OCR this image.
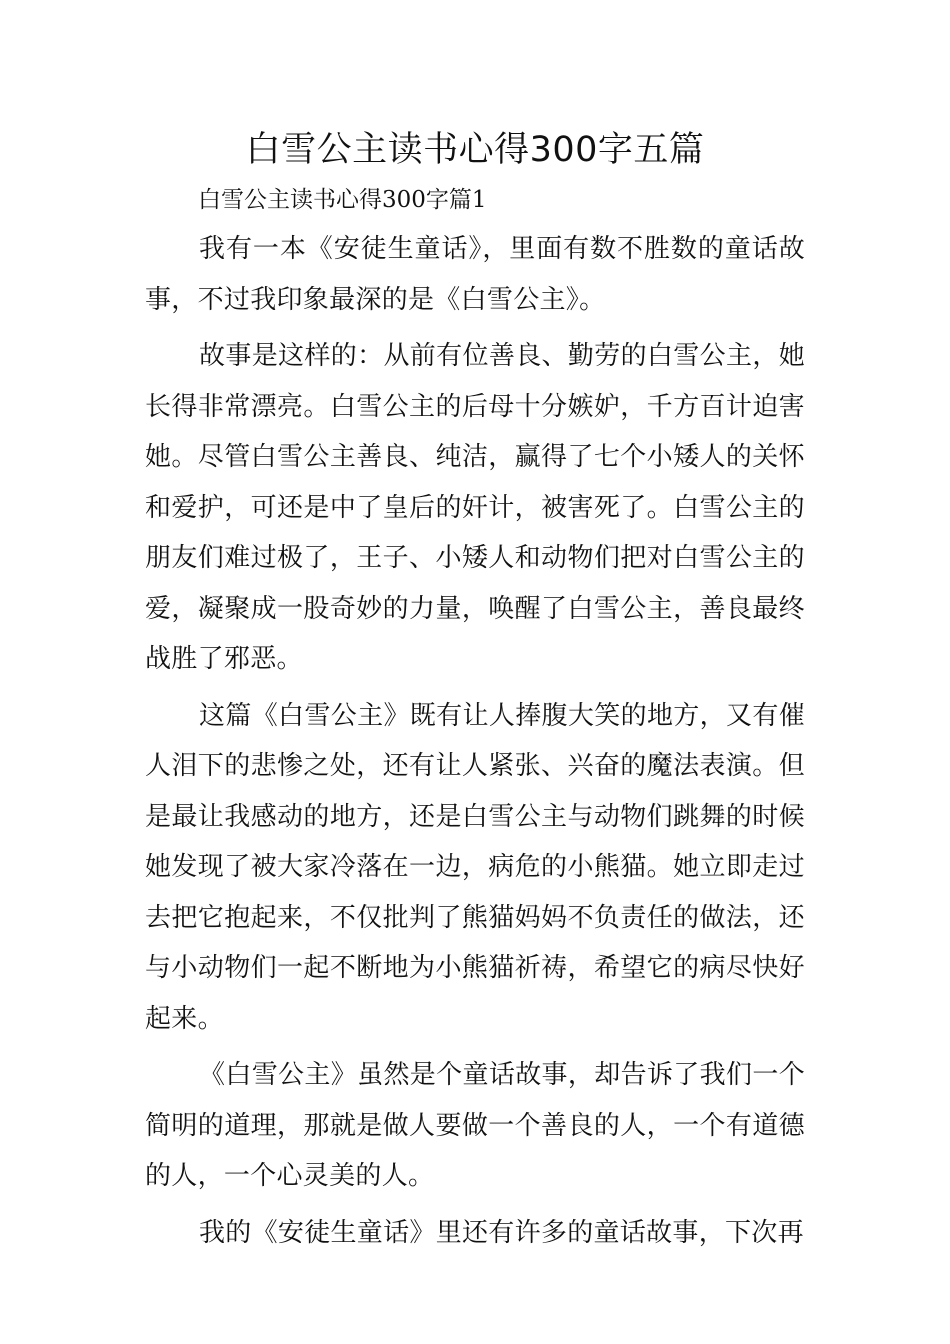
白雪公主读书心得300字五篇

白雪公主读书心得300字篇1

我有一本《安徒生童话》，里面有数不胜数的童话故事，不过我印象最深的是《白雪公主》。

故事是这样的：从前有位善良、勤劳的白雪公主，她长得非常漂亮。白雪公主的后母十分嫉妒，千方百计迫害她。尽管白雪公主善良、纯洁，赢得了七个小矮人的关怀和爱护，可还是中了皇后的奸计，被害死了。白雪公主的朋友们难过极了，王子、小矮人和动物们把对白雪公主的爱，凝聚成一股奇妙的力量，唤醒了白雪公主，善良最终战胜了邪恶。

这篇《白雪公主》既有让人捧腹大笑的地方，又有催人泪下的悲惨之处，还有让人紧张、兴奋的魔法表演。但是最让我感动的地方，还是白雪公主与动物们跳舞的时候她发现了被大家冷落在一边，病危的小熊猫。她立即走过去把它抱起来，不仅批判了熊猫妈妈不负责任的做法，还与小动物们一起不断地为小熊猫祈祷，希望它的病尽快好起来。

《白雪公主》虽然是个童话故事，却告诉了我们一个简明的道理，那就是做人要做一个善良的人，一个有道德的人，一个心灵美的人。

我的《安徒生童话》里还有许多的童话故事，下次再
